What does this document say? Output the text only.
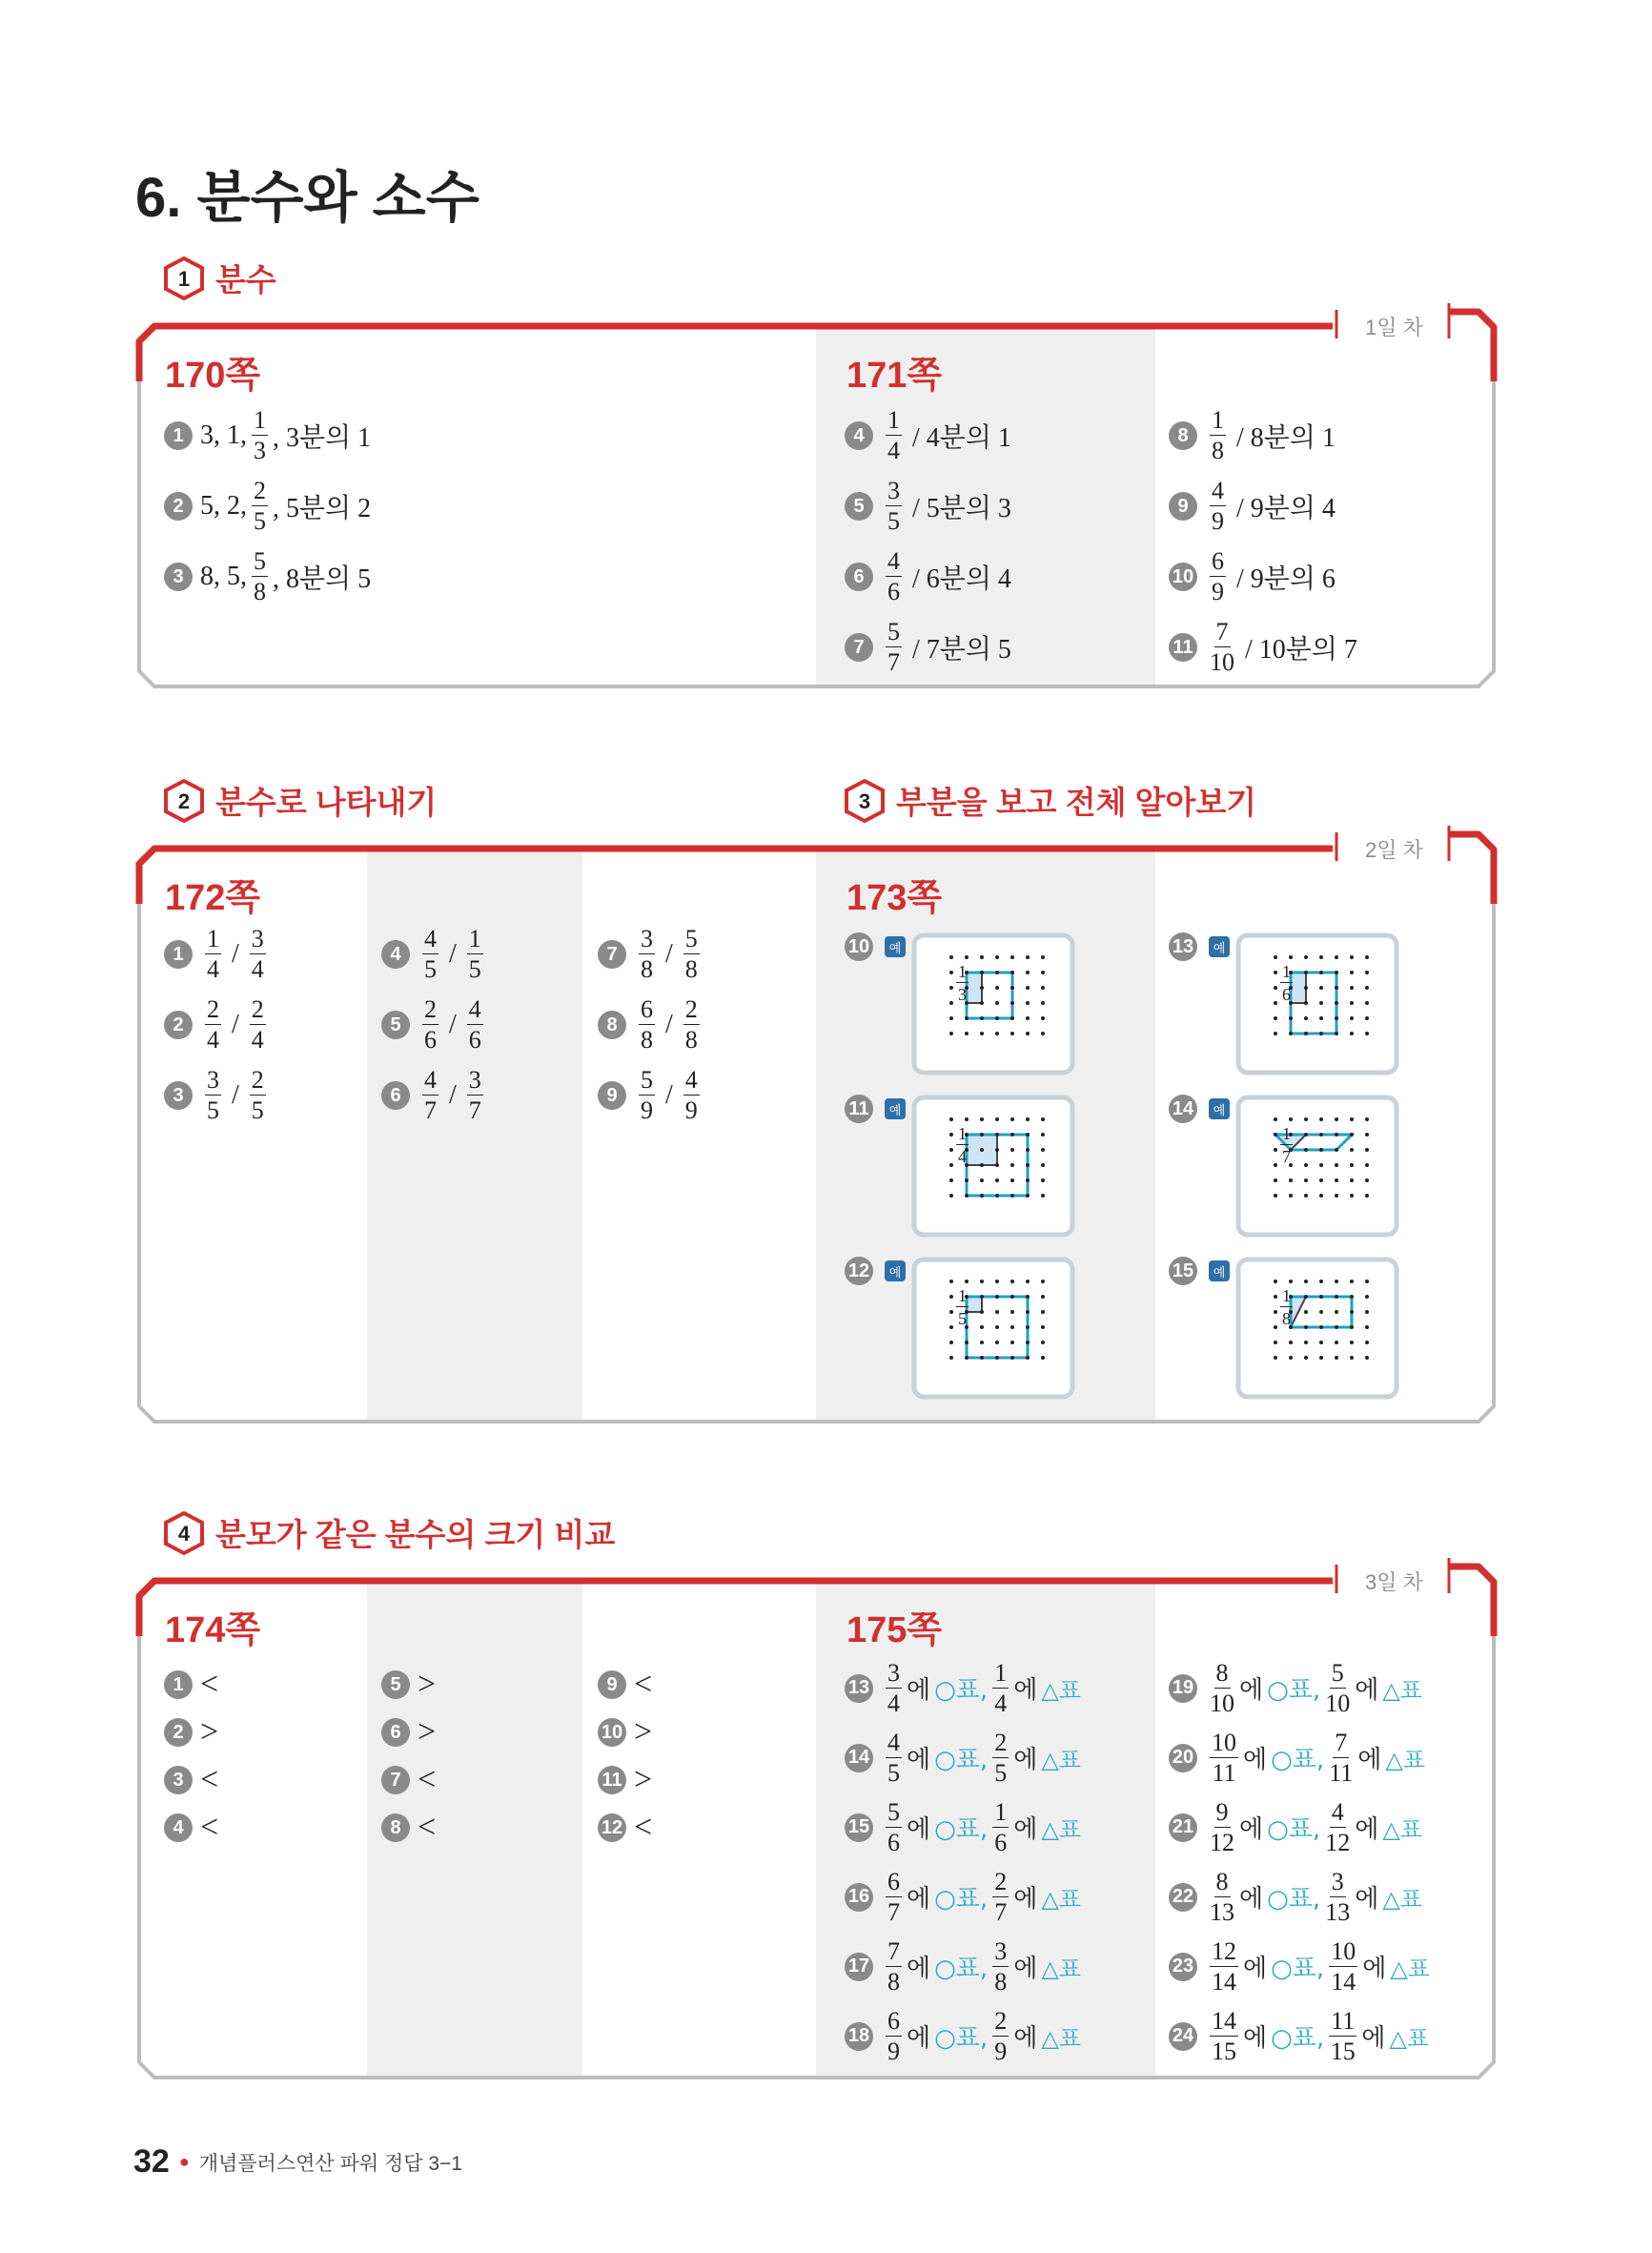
6. 분수와 소수
1 분수
2 분수로 나타내기	3 부분을 보고 전체 알아보기
4 분모가 같은 분수의 크기 비교
1일 차
2일 차
3일 차
170쪽	171쪽
172쪽	173쪽
174쪽	175쪽
1 3, 1, $\frac{1}{3}$ , 3분의 1
2 5, 2, $\frac{2}{5}$ , 5분의 2
3 8, 5, $\frac{5}{8}$ , 8분의 5
$4 \frac{1}{4} / 4$분의 1
$5 \frac{3}{5} / 5$분의 3
$6 \frac{4}{6} / 6$분의 4
$7 \frac{5}{7} / 7$분의 5
$8 \frac{1}{8} / 8$분의 1
$9 \frac{4}{9} / 9$분의 4
$10 \frac{6}{9} / 9$분의 6
$11 \frac{7}{10} / 10$분의 7
$1 \frac{1}{4} / \frac{3}{4}$
$2 \frac{2}{4} / \frac{2}{4}$
$3 \frac{3}{5} / \frac{2}{5}$
$4 \frac{4}{5} / \frac{1}{5}$
$5 \frac{2}{6} / \frac{4}{6}$
$6 \frac{4}{7} / \frac{3}{7}$
$7 \frac{3}{8} / \frac{5}{8}$
$8 \frac{6}{8} / \frac{2}{8}$
$9 \frac{5}{9} / \frac{4}{9}$
10	예
$\frac{1}{3}$
13	예
$\frac{1}{6}$
11	예
$\frac{1}{4}$
14	예
$\frac{1}{7}$
12	예
$\frac{1}{5}$
15	예
$\frac{1}{8}$
1 <
2 >
3 <
4 <
5 >
6 >
7 <
8 <
9 <
10 >
11 >
12 <
$13 \frac{3}{4}$ 에 ○표, $\frac{1}{4}$ 에 △표
$14 \frac{4}{5}$ 에 ○표, $\frac{2}{5}$ 에 △표
$15 \frac{5}{6}$ 에 ○표, $\frac{1}{6}$ 에 △표
$16 \frac{6}{7}$ 에 ○표, $\frac{2}{7}$ 에 △표
$17 \frac{7}{8}$ 에 ○표, $\frac{3}{8}$ 에 △표
$18 \frac{6}{9}$ 에 ○표, $\frac{2}{9}$ 에 △표
$19 \frac{8}{10}$ 에 ○표, $\frac{5}{10}$ 에 △표
$20 \frac{10}{11}$ 에 ○표, $\frac{7}{11}$ 에 △표
$21 \frac{9}{12}$ 에 ○표, $\frac{4}{12}$ 에 △표
$22 \frac{8}{13}$ 에 ○표, $\frac{3}{13}$ 에 △표
$23 \frac{12}{14}$ 에 ○표, $\frac{10}{14}$ 에 △표
$24 \frac{14}{15}$ 에 ○표, $\frac{11}{15}$ 에 △표
32 ● 개념플러스연산 파워 정답 3−1
